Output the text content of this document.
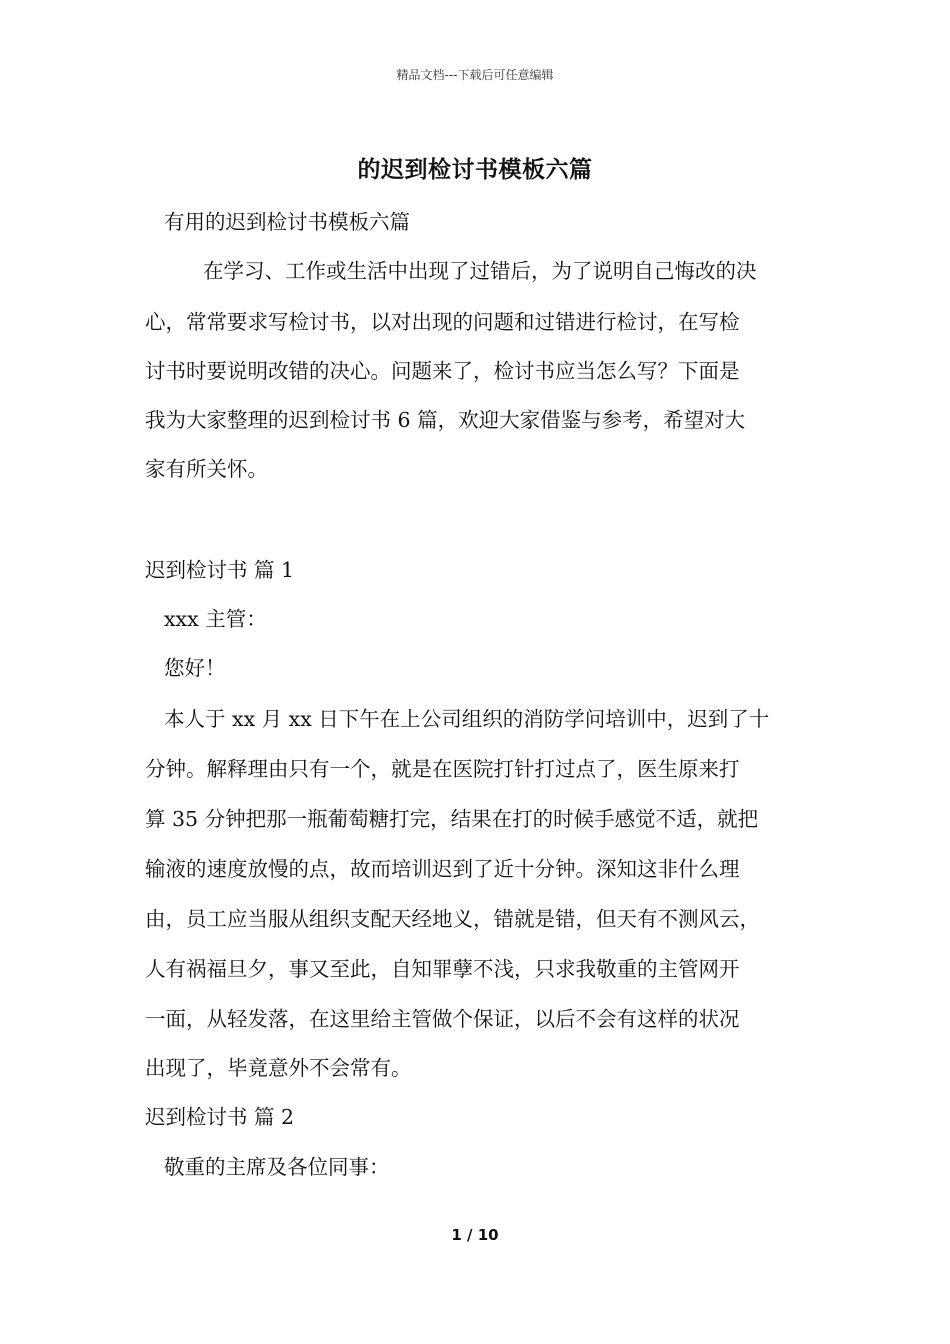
精品文档---下载后可任意编辑
的迟到检讨书模板六篇
有用的迟到检讨书模板六篇
在学习、工作或生活中出现了过错后，为了说明自己悔改的决
心，常常要求写检讨书，以对出现的问题和过错进行检讨，在写检
讨书时要说明改错的决心。问题来了，检讨书应当怎么写？下面是
我为大家整理的迟到检讨书 6 篇，欢迎大家借鉴与参考，希望对大
家有所关怀。
迟到检讨书 篇 1
xxx 主管：
您好！
本人于 xx 月 xx 日下午在上公司组织的消防学问培训中，迟到了十
分钟。解释理由只有一个，就是在医院打针打过点了，医生原来打
算 35 分钟把那一瓶葡萄糖打完，结果在打的时候手感觉不适，就把
输液的速度放慢的点，故而培训迟到了近十分钟。深知这非什么理
由，员工应当服从组织支配天经地义，错就是错，但天有不测风云，
人有祸福旦夕，事又至此，自知罪孽不浅，只求我敬重的主管网开
一面，从轻发落，在这里给主管做个保证，以后不会有这样的状况
出现了，毕竟意外不会常有。
迟到检讨书 篇 2
敬重的主席及各位同事：
1 / 10
